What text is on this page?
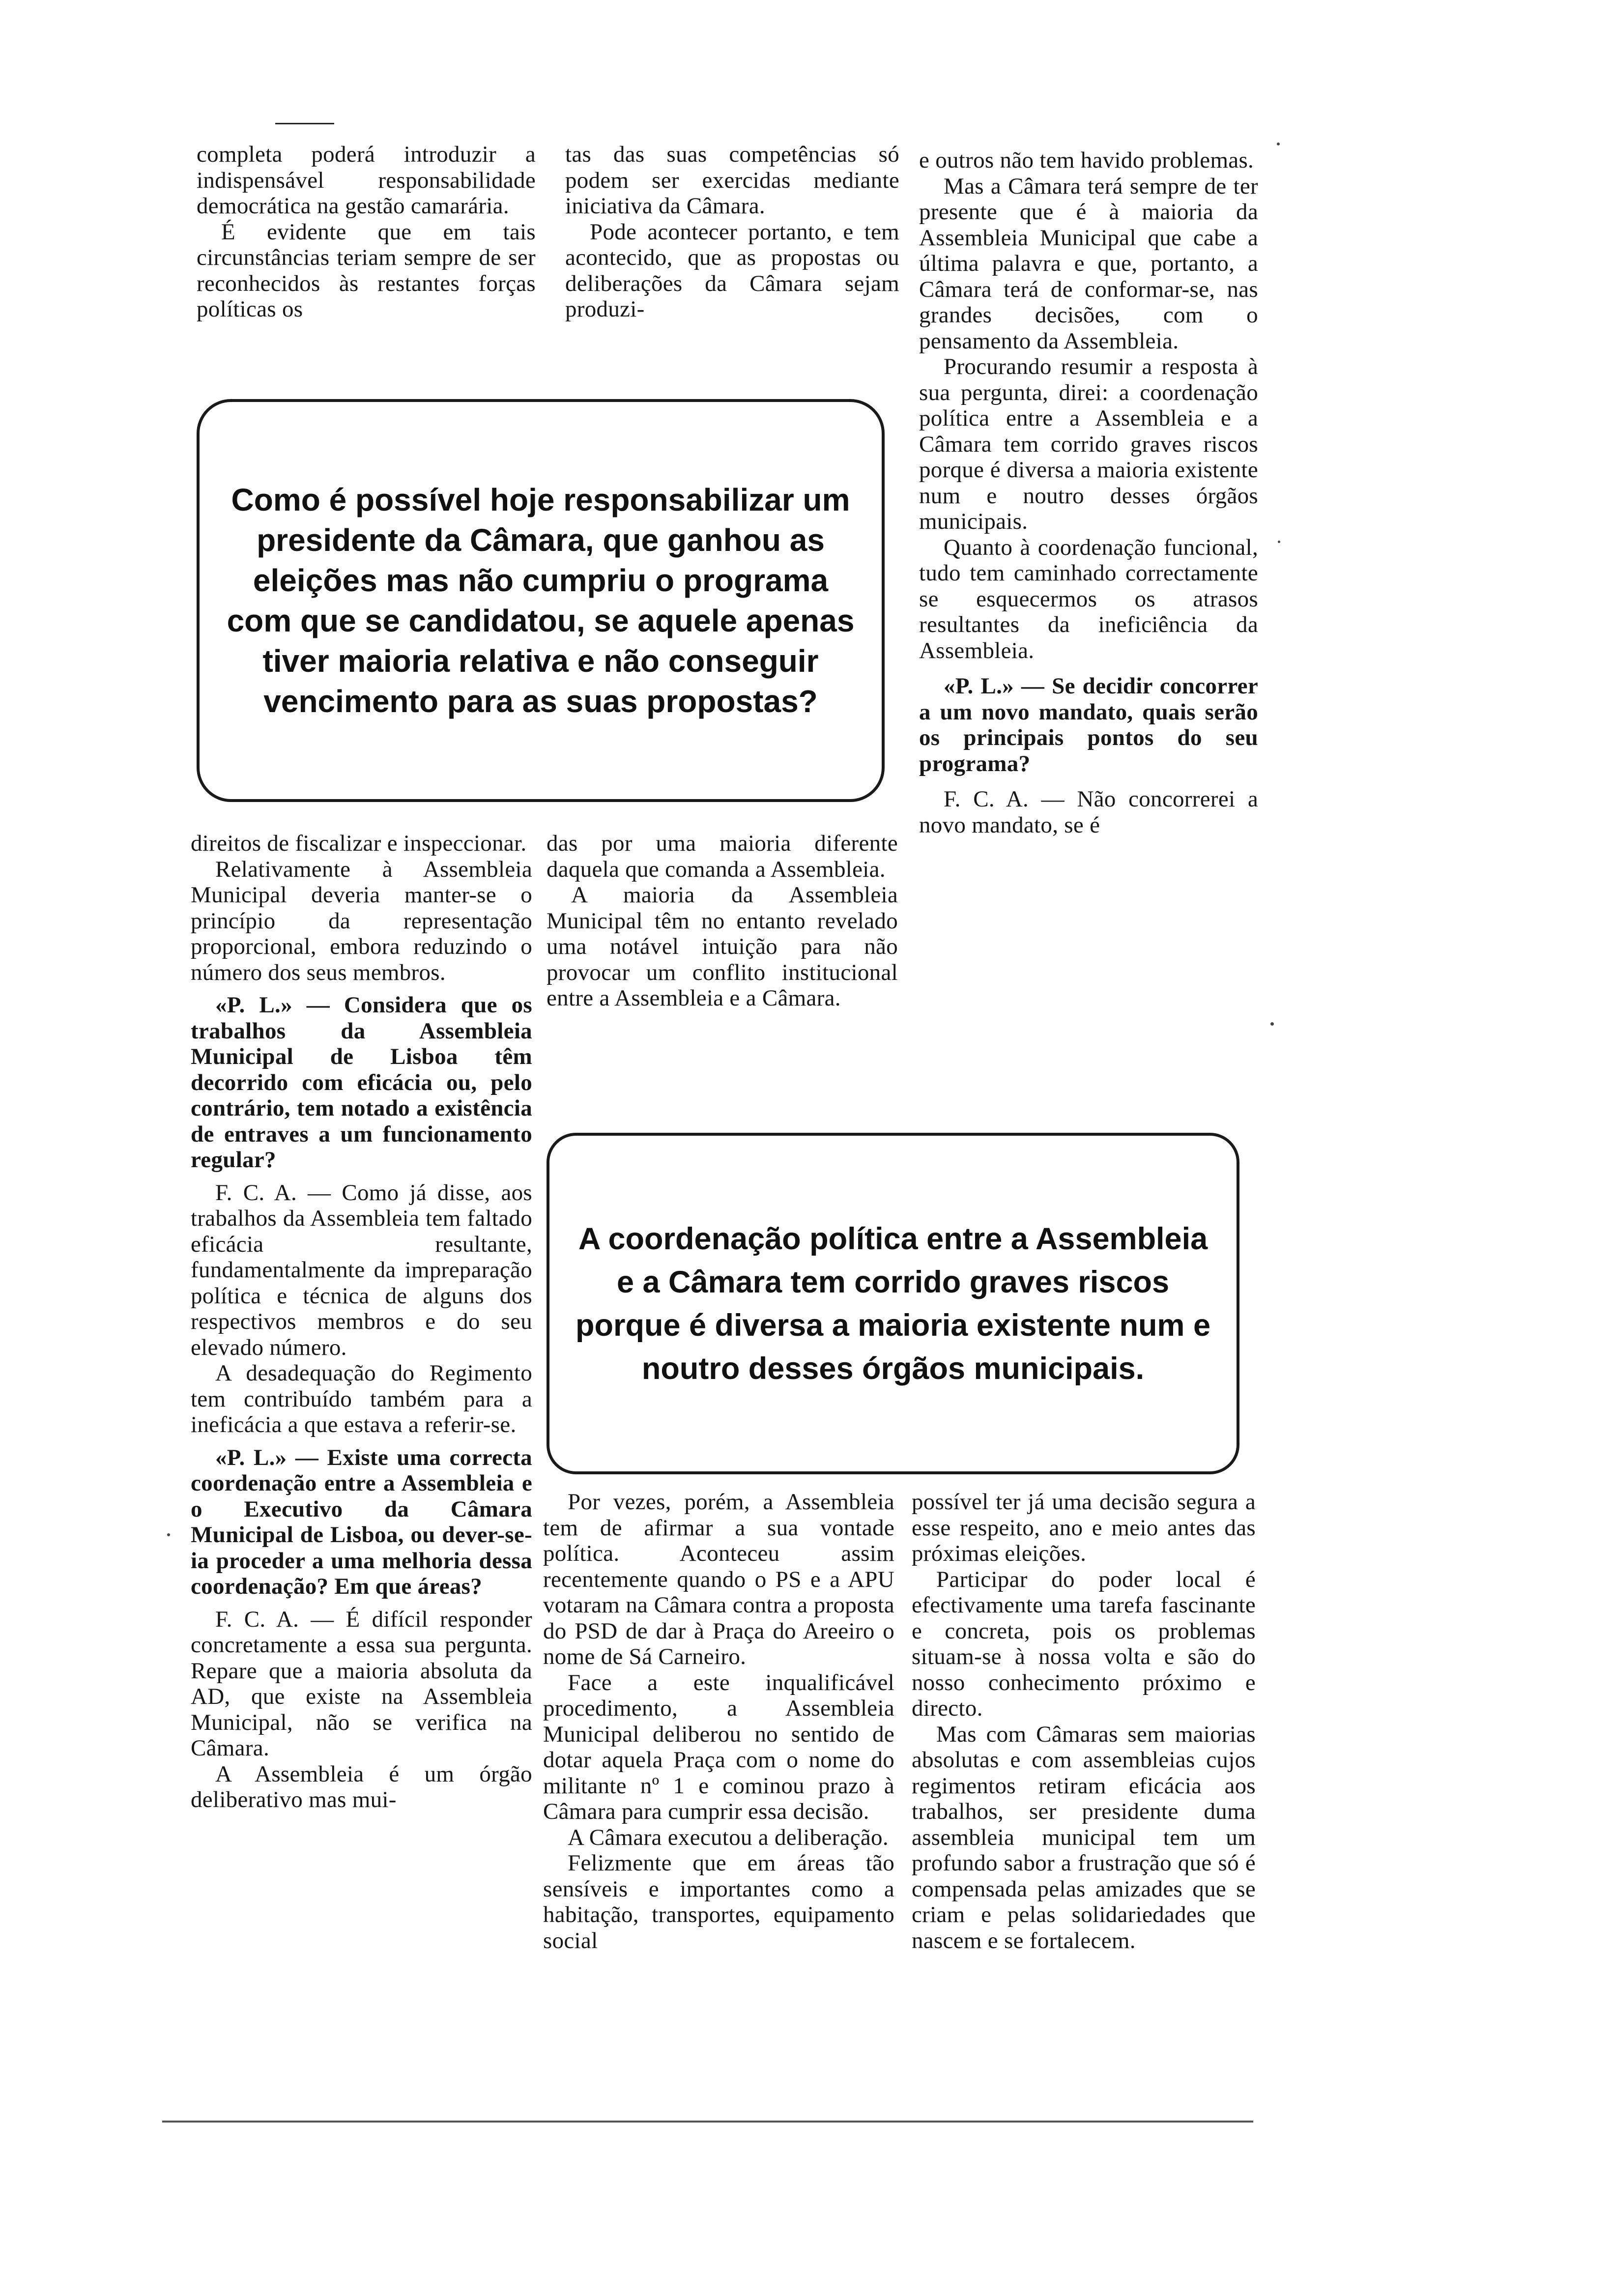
completa poderá introduzir a indispensável responsabilidade democrática na gestão camarária.

É evidente que em tais circunstâncias teriam sempre de ser reconhecidos às restantes forças políticas os

tas das suas competências só podem ser exercidas mediante iniciativa da Câmara.

Pode acontecer portanto, e tem acontecido, que as propostas ou deliberações da Câmara sejam produzi-

e outros não tem havido problemas.

Mas a Câmara terá sempre de ter presente que é à maioria da Assembleia Municipal que cabe a última palavra e que, portanto, a Câmara terá de conformar-se, nas grandes decisões, com o pensamento da Assembleia.

Procurando resumir a resposta à sua pergunta, direi: a coordenação política entre a Assembleia e a Câmara tem corrido graves riscos porque é diversa a maioria existente num e noutro desses órgãos municipais.

Quanto à coordenação funcional, tudo tem caminhado correctamente se esquecermos os atrasos resultantes da ineficiência da Assembleia.

«P. L.» — Se decidir concorrer a um novo mandato, quais serão os principais pontos do seu programa?

F. C. A. — Não concorrerei a novo mandato, se é

Como é possível hoje responsabilizar um presidente da Câmara, que ganhou as eleições mas não cumpriu o programa com que se candidatou, se aquele apenas tiver maioria relativa e não conseguir vencimento para as suas propostas?

direitos de fiscalizar e inspeccionar.

Relativamente à Assembleia Municipal deveria manter-se o princípio da representação proporcional, embora reduzindo o número dos seus membros.

«P. L.» — Considera que os trabalhos da Assembleia Municipal de Lisboa têm decorrido com eficácia ou, pelo contrário, tem notado a existência de entraves a um funcionamento regular?

F. C. A. — Como já disse, aos trabalhos da Assembleia tem faltado eficácia resultante, fundamentalmente da impreparação política e técnica de alguns dos respectivos membros e do seu elevado número.

A desadequação do Regimento tem contribuído também para a ineficácia a que estava a referir-se.

«P. L.» — Existe uma correcta coordenação entre a Assembleia e o Executivo da Câmara Municipal de Lisboa, ou dever-se-ia proceder a uma melhoria dessa coordenação? Em que áreas?

F. C. A. — É difícil responder concretamente a essa sua pergunta. Repare que a maioria absoluta da AD, que existe na Assembleia Municipal, não se verifica na Câmara.

A Assembleia é um órgão deliberativo mas mui-

das por uma maioria diferente daquela que comanda a Assembleia.

A maioria da Assembleia Municipal têm no entanto revelado uma notável intuição para não provocar um conflito institucional entre a Assembleia e a Câmara.

A coordenação política entre a Assembleia e a Câmara tem corrido graves riscos porque é diversa a maioria existente num e noutro desses órgãos municipais.

Por vezes, porém, a Assembleia tem de afirmar a sua vontade política. Aconteceu assim recentemente quando o PS e a APU votaram na Câmara contra a proposta do PSD de dar à Praça do Areeiro o nome de Sá Carneiro.

Face a este inqualificável procedimento, a Assembleia Municipal deliberou no sentido de dotar aquela Praça com o nome do militante nº 1 e cominou prazo à Câmara para cumprir essa decisão.

A Câmara executou a deliberação.

Felizmente que em áreas tão sensíveis e importantes como a habitação, transportes, equipamento social

possível ter já uma decisão segura a esse respeito, ano e meio antes das próximas eleições.

Participar do poder local é efectivamente uma tarefa fascinante e concreta, pois os problemas situam-se à nossa volta e são do nosso conhecimento próximo e directo.

Mas com Câmaras sem maiorias absolutas e com assembleias cujos regimentos retiram eficácia aos trabalhos, ser presidente duma assembleia municipal tem um profundo sabor a frustração que só é compensada pelas amizades que se criam e pelas solidariedades que nascem e se fortalecem.
